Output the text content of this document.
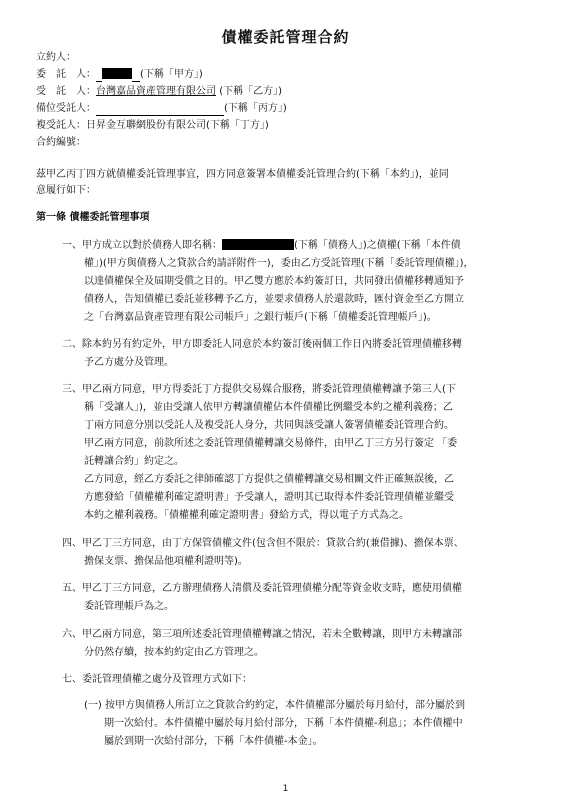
債權委託管理合約
立約人：
委　託　人：	(下稱「甲方」)
受　託　人：台灣嘉品資產管理有限公司 (下稱「乙方」)
備位受託人：	(下稱「丙方」)
複受託人：日昇金互聯網股份有限公司(下稱「丁方」)
合約編號：
茲甲乙丙丁四方就債權委託管理事宜，四方同意簽署本債權委託管理合約(下稱「本約」)，並同
意履行如下：
第一條 債權委託管理事項
一、甲方成立以對於債務人即名稱：	(下稱「債務人」)之債權(下稱「本件債
權」)(甲方與債務人之貸款合約請詳附件一)，委由乙方受託管理(下稱「委託管理債權」)，
以達債權保全及屆期受償之目的。甲乙雙方應於本約簽訂日，共同發出債權移轉通知予
債務人，告知債權已委託並移轉予乙方，並要求債務人於還款時，匯付資金至乙方開立
之「台灣嘉品資產管理有限公司帳戶」之銀行帳戶(下稱「債權委託管理帳戶」)。
二、除本約另有約定外，甲方即委託人同意於本約簽訂後兩個工作日內將委託管理債權移轉
予乙方處分及管理。
三、甲乙兩方同意，甲方得委託丁方提供交易媒合服務，將委託管理債權轉讓予第三人(下
稱「受讓人」)，並由受讓人依甲方轉讓債權佔本件債權比例繼受本約之權利義務；乙
丁兩方同意分別以受託人及複受託人身分，共同與該受讓人簽署債權委託管理合約。
甲乙兩方同意，前款所述之委託管理債權轉讓交易條件，由甲乙丁三方另行簽定 「委
託轉讓合約」約定之。
乙方同意，經乙方委託之律師確認丁方提供之債權轉讓交易相關文件正確無誤後，乙
方應發給「債權權利確定證明書」予受讓人，證明其已取得本件委託管理債權並繼受
本約之權利義務。「債權權利確定證明書」發給方式，得以電子方式為之。
四、甲乙丁三方同意，由丁方保管債權文件(包含但不限於：貸款合約(兼借據)、擔保本票、
擔保支票、擔保品他項權利證明等)。
五、甲乙丁三方同意，乙方辦理債務人清償及委託管理債權分配等資金收支時，應使用債權
委託管理帳戶為之。
六、甲乙兩方同意，第三項所述委託管理債權轉讓之情況，若未全數轉讓，則甲方未轉讓部
分仍然存續，按本約約定由乙方管理之。
七、委託管理債權之處分及管理方式如下：
(一) 按甲方與債務人所訂立之貸款合約約定，本件債權部分屬於每月給付，部分屬於到
期一次給付。本件債權中屬於每月給付部分，下稱「本件債權-利息」；本件債權中
屬於到期一次給付部分，下稱「本件債權-本金」。
1
